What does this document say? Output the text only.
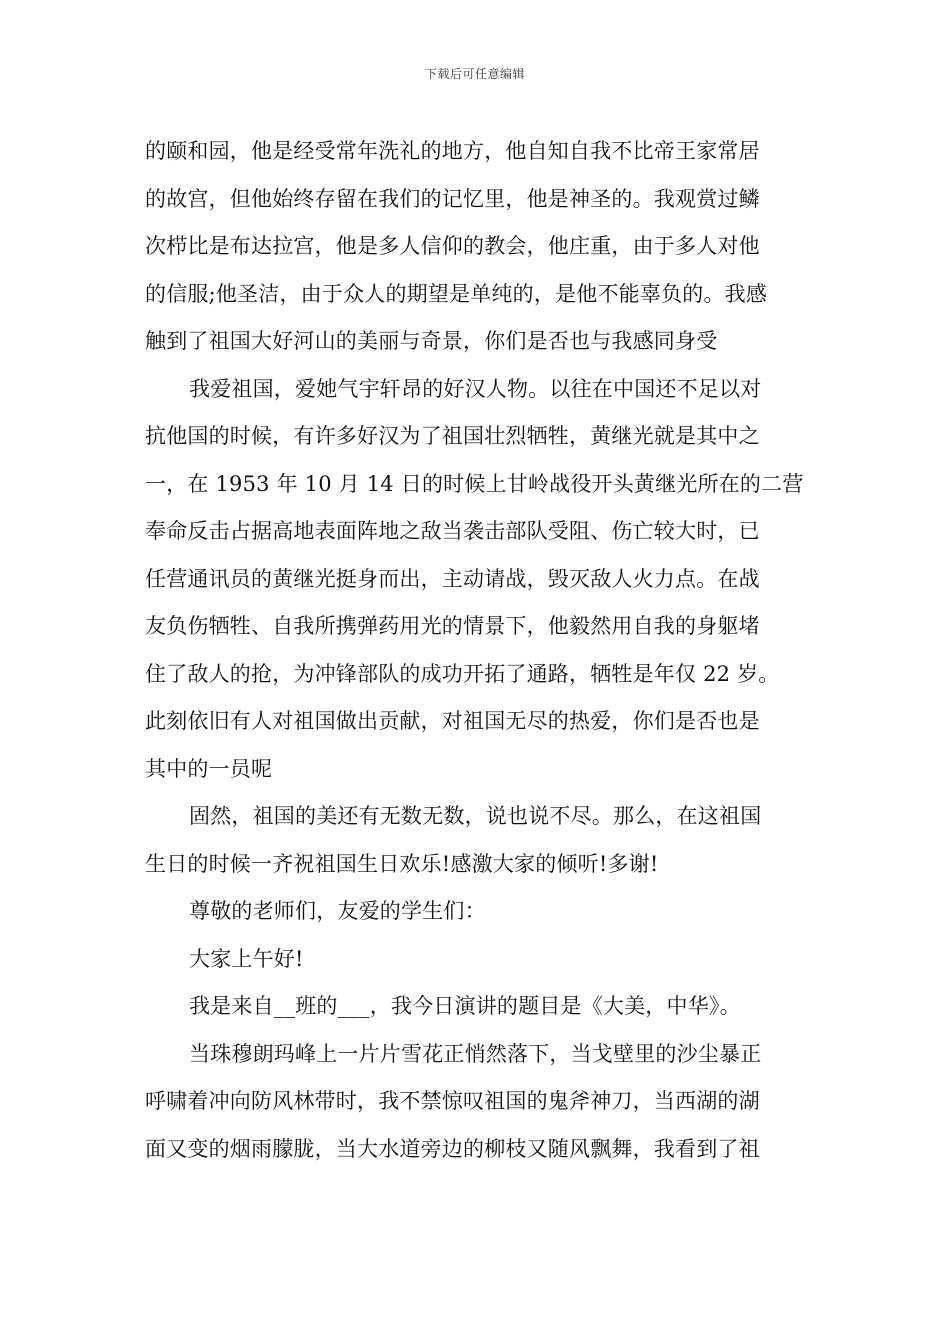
下载后可任意编辑
的颐和园，他是经受常年洗礼的地方，他自知自我不比帝王家常居
的故宫，但他始终存留在我们的记忆里，他是神圣的。我观赏过鳞
次栉比是布达拉宫，他是多人信仰的教会，他庄重，由于多人对他
的信服;他圣洁，由于众人的期望是单纯的，是他不能辜负的。我感
触到了祖国大好河山的美丽与奇景，你们是否也与我感同身受
我爱祖国，爱她气宇轩昂的好汉人物。以往在中国还不足以对
抗他国的时候，有许多好汉为了祖国壮烈牺牲，黄继光就是其中之
一，在 1953 年 10 月 14 日的时候上甘岭战役开头黄继光所在的二营
奉命反击占据高地表面阵地之敌当袭击部队受阻、伤亡较大时，已
任营通讯员的黄继光挺身而出，主动请战，毁灭敌人火力点。在战
友负伤牺牲、自我所携弹药用光的情景下，他毅然用自我的身躯堵
住了敌人的抢，为冲锋部队的成功开拓了通路，牺牲是年仅 22 岁。
此刻依旧有人对祖国做出贡献，对祖国无尽的热爱，你们是否也是
其中的一员呢
固然，祖国的美还有无数无数，说也说不尽。那么，在这祖国
生日的时候一齐祝祖国生日欢乐!感激大家的倾听!多谢!
尊敬的老师们，友爱的学生们：
大家上午好!
我是来自__班的___，我今日演讲的题目是《大美，中华》。
当珠穆朗玛峰上一片片雪花正悄然落下，当戈壁里的沙尘暴正
呼啸着冲向防风林带时，我不禁惊叹祖国的鬼斧神刀，当西湖的湖
面又变的烟雨朦胧，当大水道旁边的柳枝又随风飘舞，我看到了祖
